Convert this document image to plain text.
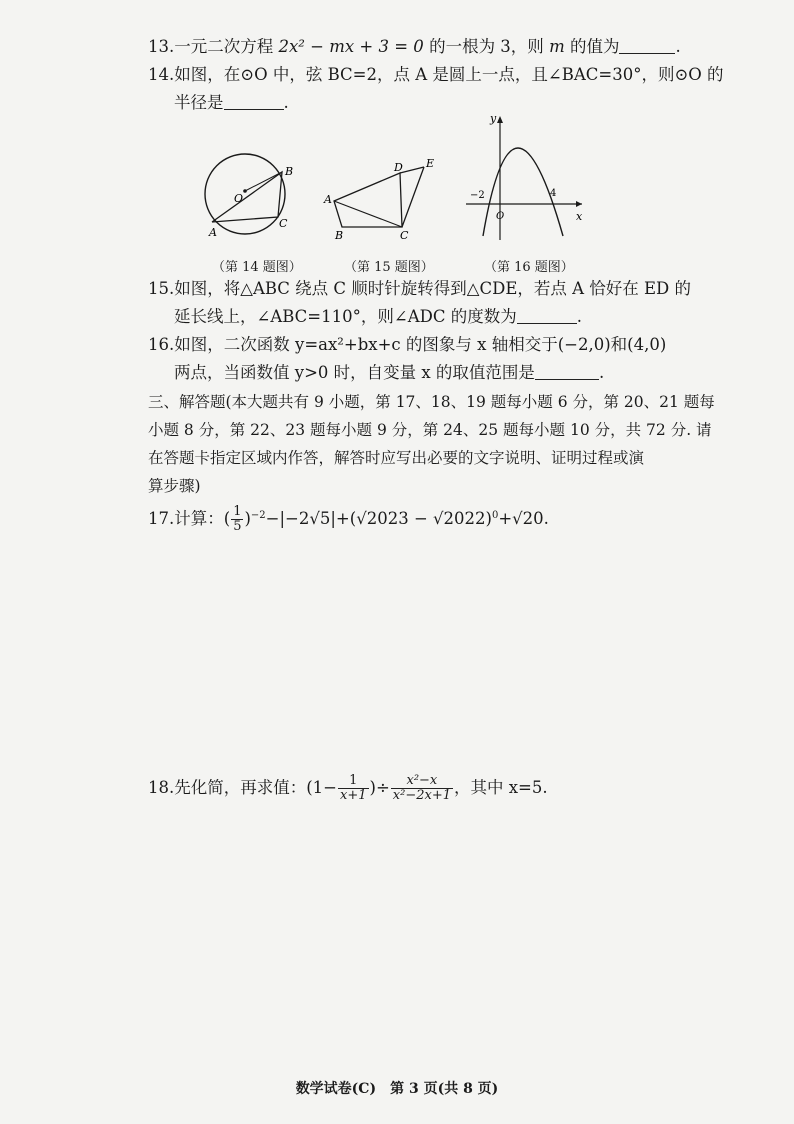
13.一元二次方程 2x² − mx + 3 = 0 的一根为 3，则 m 的值为	.
14.如图，在⊙O 中，弦 BC=2，点 A 是圆上一点，且∠BAC=30°，则⊙O 的
半径是	.
O
A
B
C
（第 14 题图）
A
B	C
D E
（第 15 题图）
y
x
O
−2	4
（第 16 题图）
15.如图，将△ABC 绕点 C 顺时针旋转得到△CDE，若点 A 恰好在 ED 的
延长线上，∠ABC=110°，则∠ADC 的度数为	.
16.如图，二次函数 y=ax²+bx+c 的图象与 x 轴相交于(−2,0)和(4,0)
两点，当函数值 y>0 时，自变量 x 的取值范围是	.
三、解答题(本大题共有 9 小题，第 17、18、19 题每小题 6 分，第 20、21 题每
小题 8 分，第 22、23 题每小题 9 分，第 24、25 题每小题 10 分，共 72 分. 请
在答题卡指定区域内作答，解答时应写出必要的文字说明、证明过程或演
算步骤)
17.计算：( $\frac{1}{5} )^{-2}-|-2√5|+(√2023 - √2022)^0+√20$.
18.先化简，再求值：($1- \frac{1}{x+1}$ )÷ $\frac{\text{x²−x}}{\text{x²−2x+1}}$ ，其中 x=5.
数学试卷(C)　第 3 页(共 8 页)
